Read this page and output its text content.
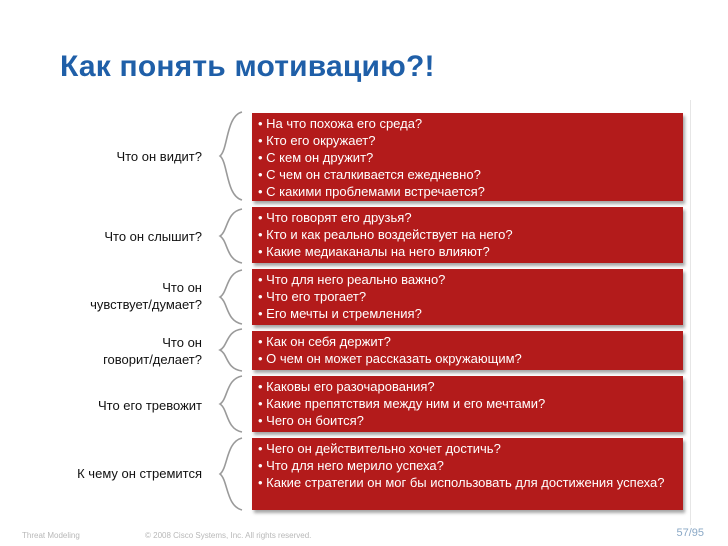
Как понять мотивацию?!
Что он видит?
• На что похожа его среда?
• Кто его окружает?
• С кем он дружит?
• С чем он сталкивается ежедневно?
• С какими проблемами встречается?
Что он слышит?
• Что говорят его друзья?
• Кто и как реально воздействует на него?
• Какие медиаканалы на него влияют?
Что он
чувствует/думает?
• Что для него реально важно?
• Что его трогает?
• Его мечты и стремления?
Что он
говорит/делает?
• Как он себя держит?
• О чем он может рассказать окружающим?
Что его тревожит
• Каковы его разочарования?
• Какие препятствия между ним и его мечтами?
• Чего он боится?
К чему он стремится
• Чего он действительно хочет достичь?
• Что для него мерило успеха?
• Какие стратегии он мог бы использовать для достижения успеха?
Threat Modeling	© 2008 Cisco Systems, Inc. All rights reserved.	57/95
